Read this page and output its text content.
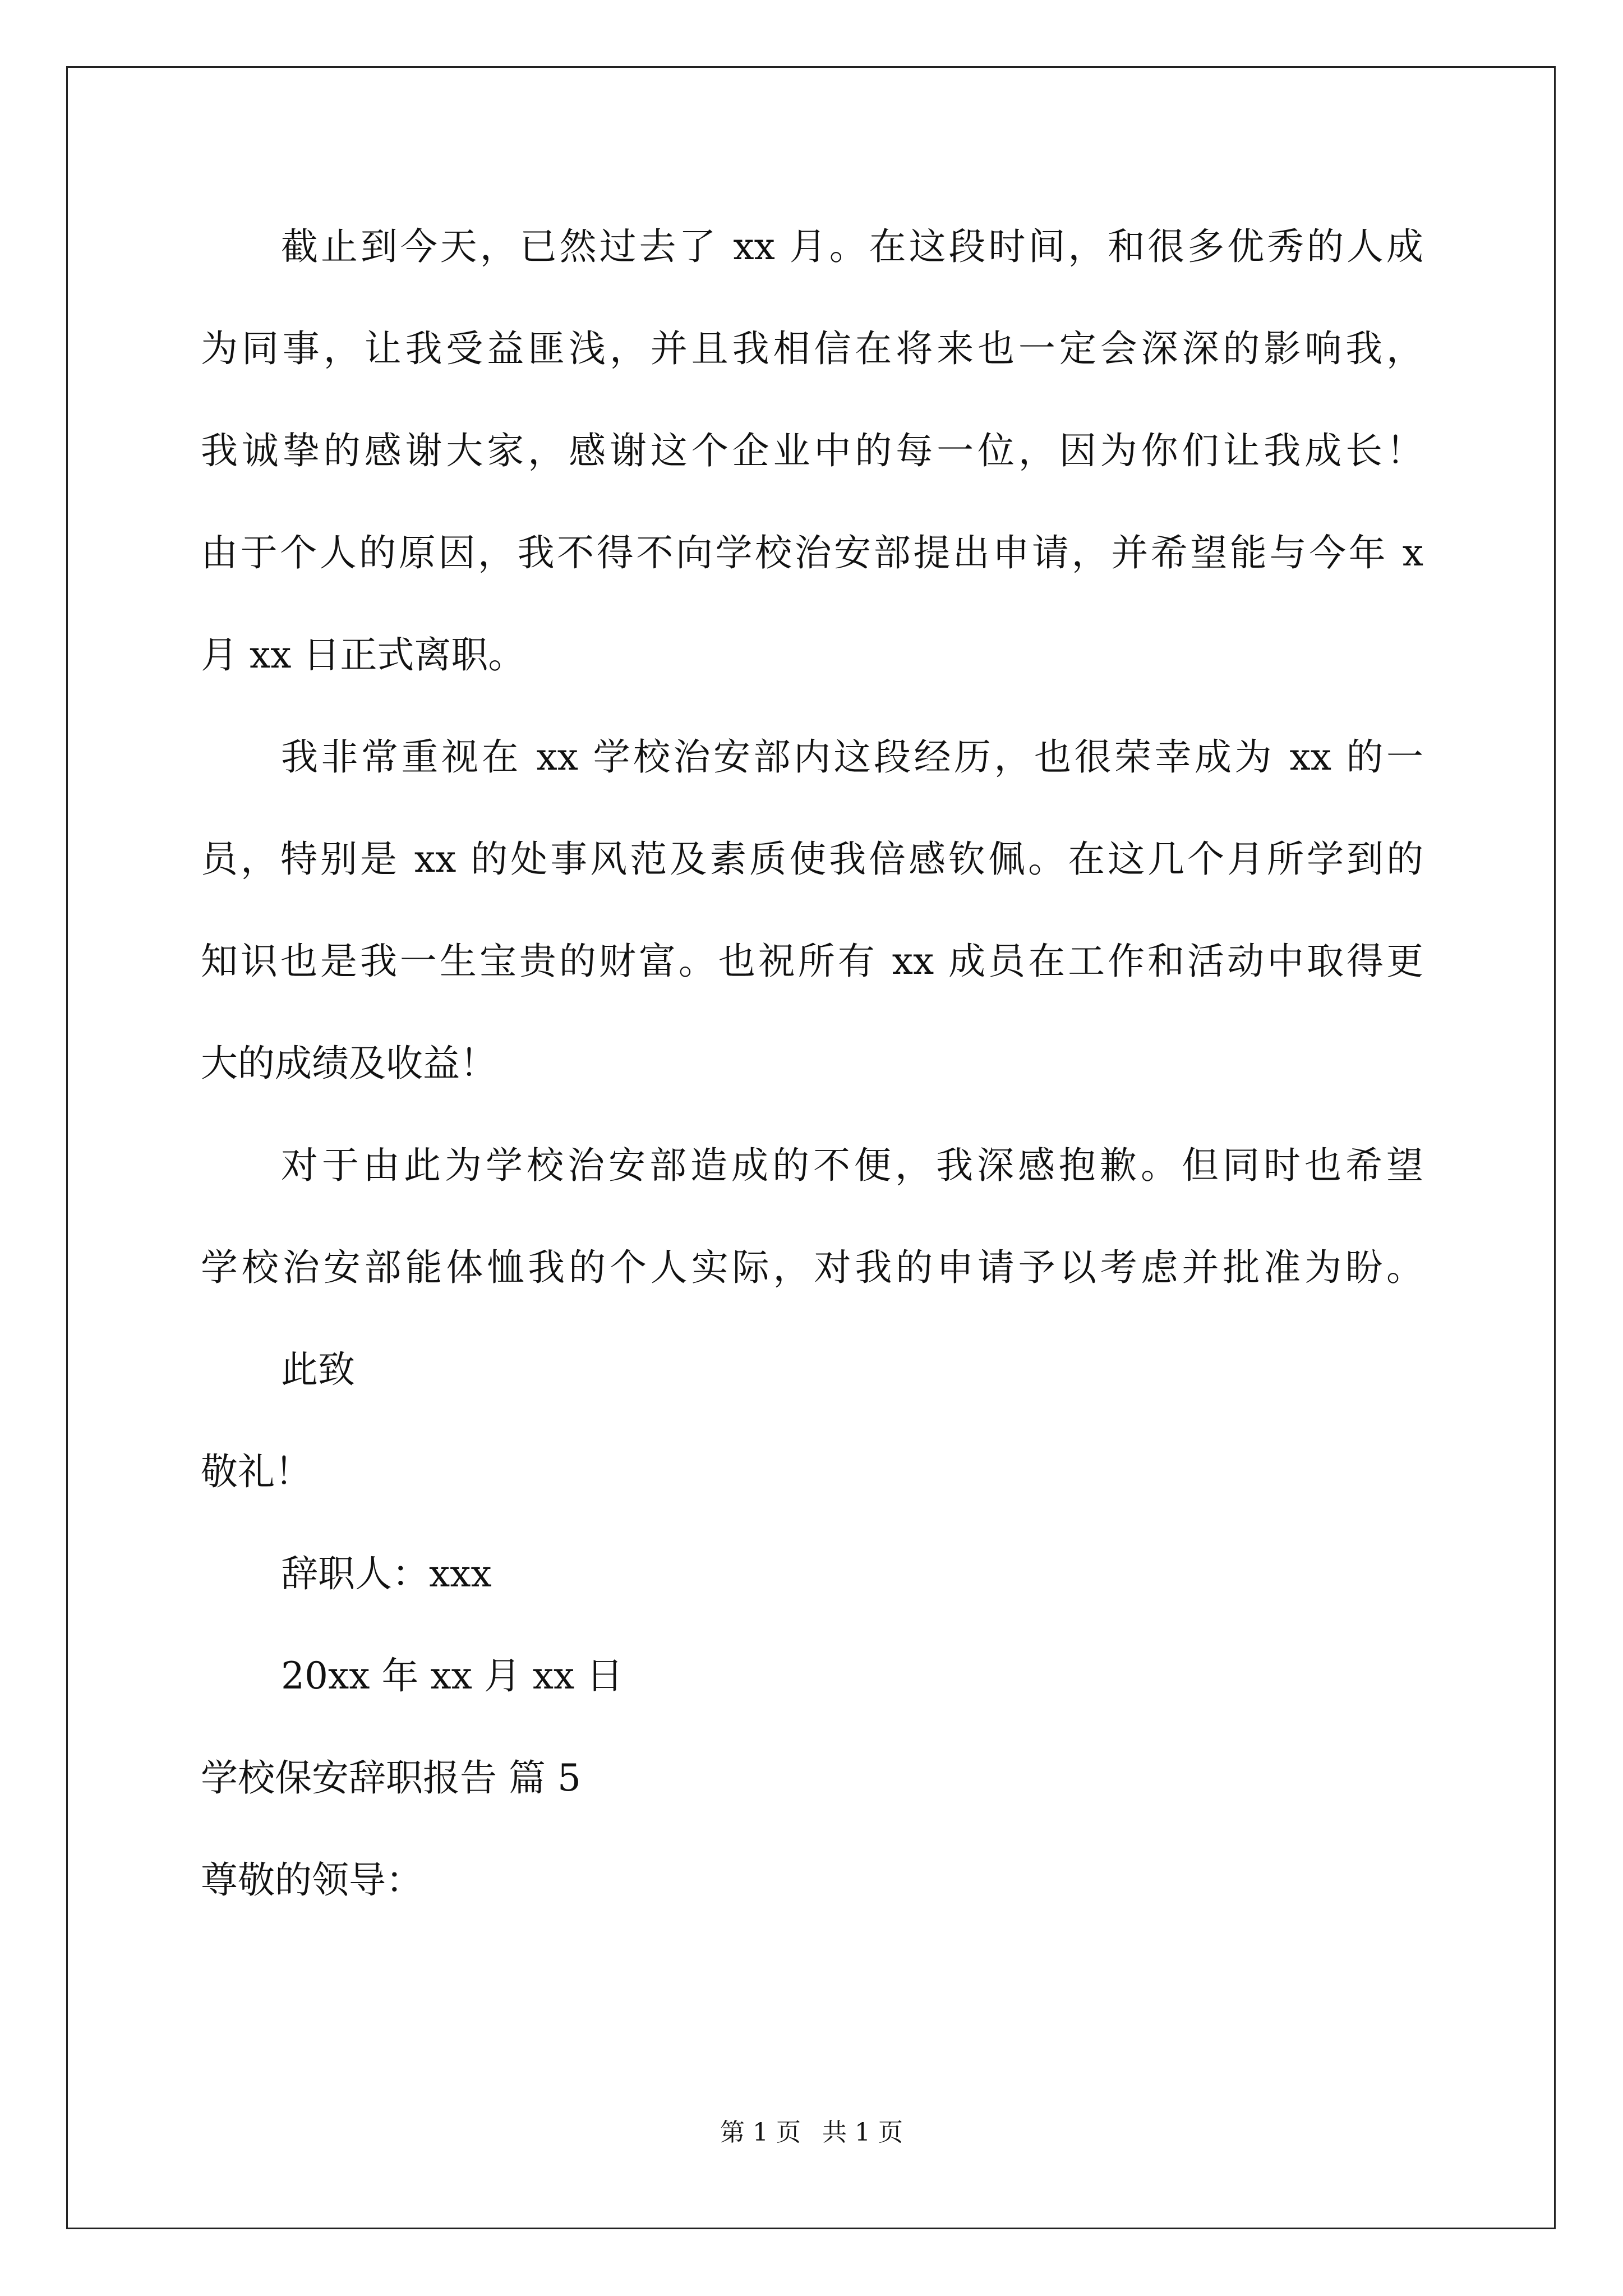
截止到今天，已然过去了 xx 月。在这段时间，和很多优秀的人成
为同事，让我受益匪浅，并且我相信在将来也一定会深深的影响我，
我诚挚的感谢大家，感谢这个企业中的每一位，因为你们让我成长！
由于个人的原因，我不得不向学校治安部提出申请，并希望能与今年 x
月 xx 日正式离职。
我非常重视在 xx 学校治安部内这段经历，也很荣幸成为 xx 的一
员，特别是 xx 的处事风范及素质使我倍感钦佩。在这几个月所学到的
知识也是我一生宝贵的财富。也祝所有 xx 成员在工作和活动中取得更
大的成绩及收益！
对于由此为学校治安部造成的不便，我深感抱歉。但同时也希望
学校治安部能体恤我的个人实际，对我的申请予以考虑并批准为盼。
此致
敬礼！
辞职人：xxx
20xx 年 xx 月 xx 日
学校保安辞职报告 篇 5
尊敬的领导：
第 1 页 共 1 页
